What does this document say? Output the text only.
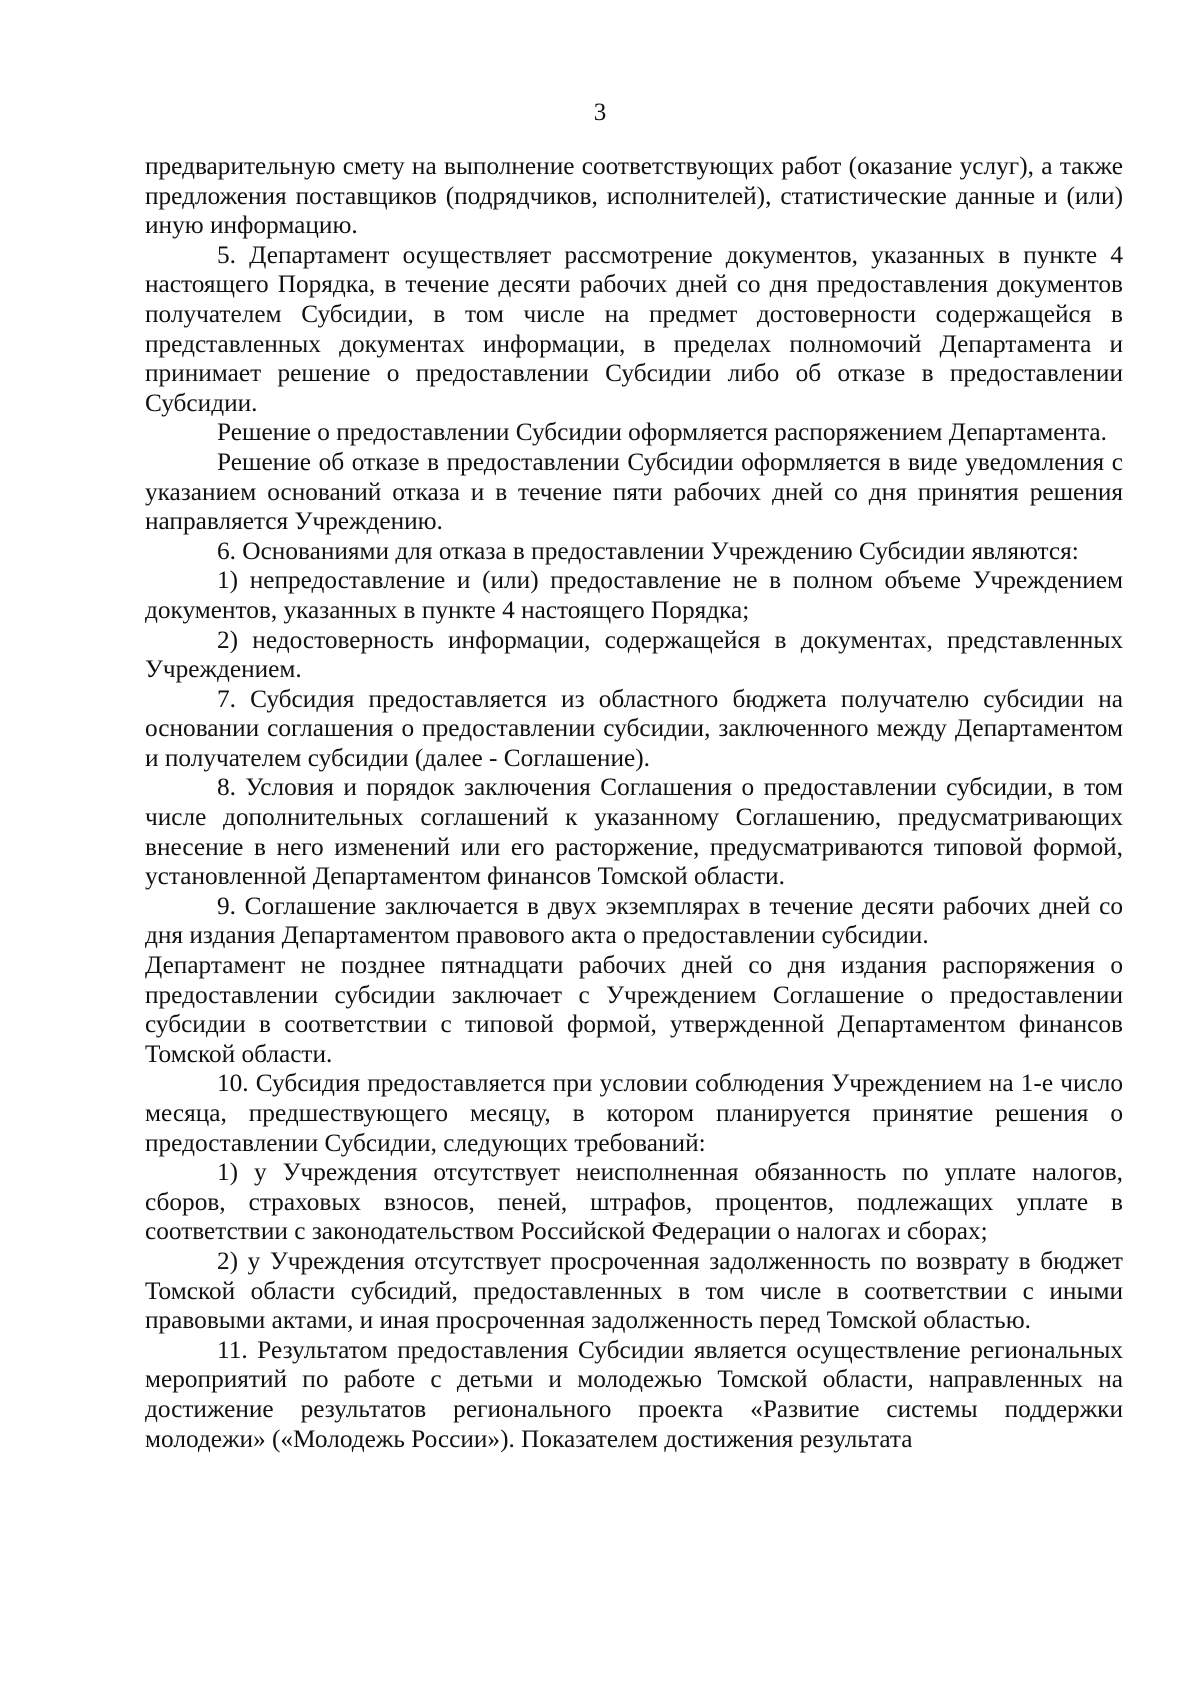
3

предварительную смету на выполнение соответствующих работ (оказание услуг), а также предложения поставщиков (подрядчиков, исполнителей), статистические данные и (или) иную информацию.

5. Департамент осуществляет рассмотрение документов, указанных в пункте 4 настоящего Порядка, в течение десяти рабочих дней со дня предоставления документов получателем Субсидии, в том числе на предмет достоверности содержащейся в представленных документах информации, в пределах полномочий Департамента и принимает решение о предоставлении Субсидии либо об отказе в предоставлении Субсидии.

Решение о предоставлении Субсидии оформляется распоряжением Департамента.

Решение об отказе в предоставлении Субсидии оформляется в виде уведомления с указанием оснований отказа и в течение пяти рабочих дней со дня принятия решения направляется Учреждению.

6. Основаниями для отказа в предоставлении Учреждению Субсидии являются:

1) непредоставление и (или) предоставление не в полном объеме Учреждением документов, указанных в пункте 4 настоящего Порядка;

2) недостоверность информации, содержащейся в документах, представленных Учреждением.

7. Субсидия предоставляется из областного бюджета получателю субсидии на основании соглашения о предоставлении субсидии, заключенного между Департаментом и получателем субсидии (далее - Соглашение).

8. Условия и порядок заключения Соглашения о предоставлении субсидии, в том числе дополнительных соглашений к указанному Соглашению, предусматривающих внесение в него изменений или его расторжение, предусматриваются типовой формой, установленной Департаментом финансов Томской области.

9. Соглашение заключается в двух экземплярах в течение десяти рабочих дней со дня издания Департаментом правового акта о предоставлении субсидии.

Департамент не позднее пятнадцати рабочих дней со дня издания распоряжения о предоставлении субсидии заключает с Учреждением Соглашение о предоставлении субсидии в соответствии с типовой формой, утвержденной Департаментом финансов Томской области.

10. Субсидия предоставляется при условии соблюдения Учреждением на 1-е число месяца, предшествующего месяцу, в котором планируется принятие решения о предоставлении Субсидии, следующих требований:

1) у Учреждения отсутствует неисполненная обязанность по уплате налогов, сборов, страховых взносов, пеней, штрафов, процентов, подлежащих уплате в соответствии с законодательством Российской Федерации о налогах и сборах;

2) у Учреждения отсутствует просроченная задолженность по возврату в бюджет Томской области субсидий, предоставленных в том числе в соответствии с иными правовыми актами, и иная просроченная задолженность перед Томской областью.

11. Результатом предоставления Субсидии является осуществление региональных мероприятий по работе с детьми и молодежью Томской области, направленных на достижение результатов регионального проекта «Развитие системы поддержки молодежи» («Молодежь России»). Показателем достижения результата
